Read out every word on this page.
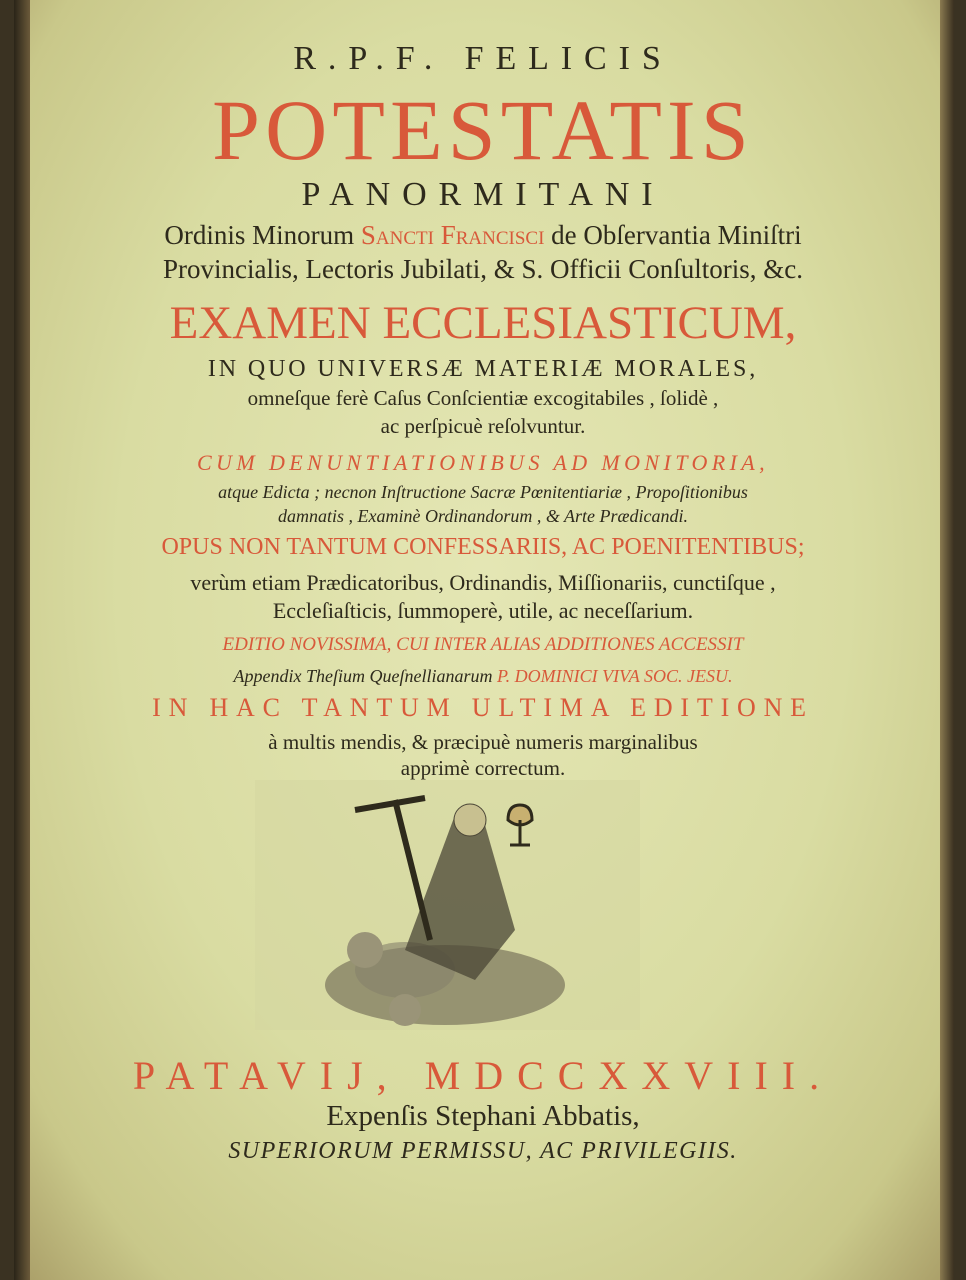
R.P.F. FELICIS
POTESTATIS
PANORMITANI
Ordinis Minorum Sancti Francisci de Obſervantia Miniſtri
Provincialis, Lectoris Jubilati, & S. Officii Conſultoris, &c.
EXAMEN ECCLESIASTICUM,
IN QUO UNIVERSÆ MATERIÆ MORALES,
omneſque ferè Caſus Conſcientiæ excogitabiles , ſolidè ,
ac perſpicuè reſolvuntur.
CUM DENUNTIATIONIBUS AD MONITORIA,
atque Edicta ; necnon Inſtructione Sacræ Pœnitentiariæ , Propoſitionibus
damnatis , Examinè Ordinandorum , & Arte Prædicandi.
OPUS NON TANTUM CONFESSARIIS, AC POENITENTIBUS;
verùm etiam Prædicatoribus, Ordinandis, Miſſionariis, cunctiſque ,
Eccleſiaſticis, ſummoperè, utile, ac neceſſarium.
EDITIO NOVISSIMA, CUI INTER ALIAS ADDITIONES ACCESSIT
Appendix Theſium Queſnellianarum P. DOMINICI VIVA SOC. JESU.
IN HAC TANTUM ULTIMA EDITIONE
à multis mendis, & præcipuè numeris marginalibus
apprimè correctum.
PATAVIJ, MDCCXXVIII.
Expenſis Stephani Abbatis,
SUPERIORUM PERMISSU, AC PRIVILEGIIS.
